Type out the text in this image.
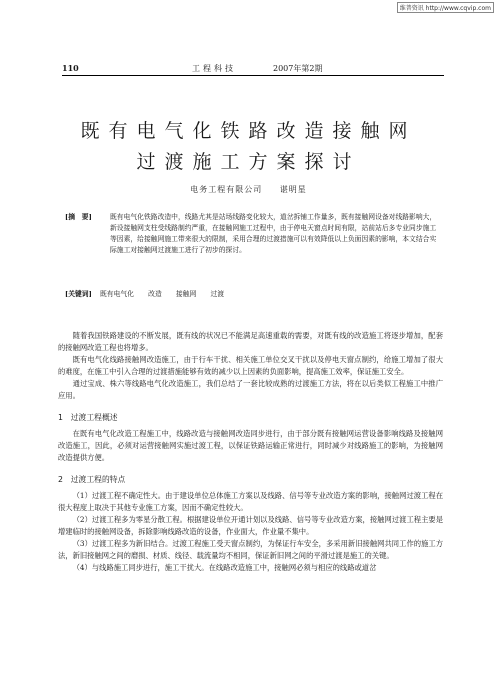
维普资讯 http://www.cqvip.com
110	工程科技	2007年第2期
既有电气化铁路改造接触网
过渡施工方案探讨
电务工程有限公司 谌明星
[摘　要]	既有电气化铁路改造中，线路尤其是站场线路变化较大，道岔拆铺工作量多，既有接触网设备对线路影响大，新设接触网支柱受线路制约严重，在接触网施工过程中，由于停电天窗点时间有限，站前站后多专业同步施工等因素，给接触网施工带来很大的限制，采用合理的过渡措施可以有效降低以上负面因素的影响，本文结合实际施工对接触网过渡施工进行了初步的探讨。
[关键词] 既有电气化 改造 接触网 过渡

随着我国铁路建设的不断发展，既有线的状况已不能满足高速重载的需要，对既有线的改造施工将逐步增加，配套的接触网改造工程也将增多。

既有电气化线路接触网改造施工，由于行车干扰、相关施工单位交叉干扰以及停电天窗点制约，给施工增加了很大的难度，在施工中引入合理的过渡措施能够有效的减少以上因素的负面影响，提高施工效率，保证施工安全。

通过宝成、株六等线路电气化改造施工，我们总结了一套比较成熟的过渡施工方法，将在以后类似工程施工中推广应用。

1　过渡工程概述

在既有电气化改造工程施工中，线路改造与接触网改造同步进行，由于部分既有接触网运营设备影响线路及接触网改造施工，因此，必须对运营接触网实施过渡工程，以保证铁路运输正常进行，同时减少对线路施工的影响，为接触网改造提供方便。

2　过渡工程的特点

（1）过渡工程不确定性大。由于建设单位总体施工方案以及线路、信号等专业改造方案的影响，接触网过渡工程在很大程度上取决于其他专业施工方案，因而不确定性较大。

（2）过渡工程多为零星分散工程。根据建设单位开通计划以及线路、信号等专业改造方案，接触网过渡工程主要是增建临时的接触网设备，拆除影响线路改造的设备，作业面大，作业量不集中。

（3）过渡工程多为新旧结合。过渡工程施工受天窗点制约，为保证行车安全，多采用新旧接触网共同工作的施工方法，新旧接触网之间的磨损、材质、线径、载流量均不相同，保证新旧网之间的平滑过渡是施工的关键。

（4）与线路施工同步进行，施工干扰大。在线路改造施工中，接触网必须与相应的线路或道岔
